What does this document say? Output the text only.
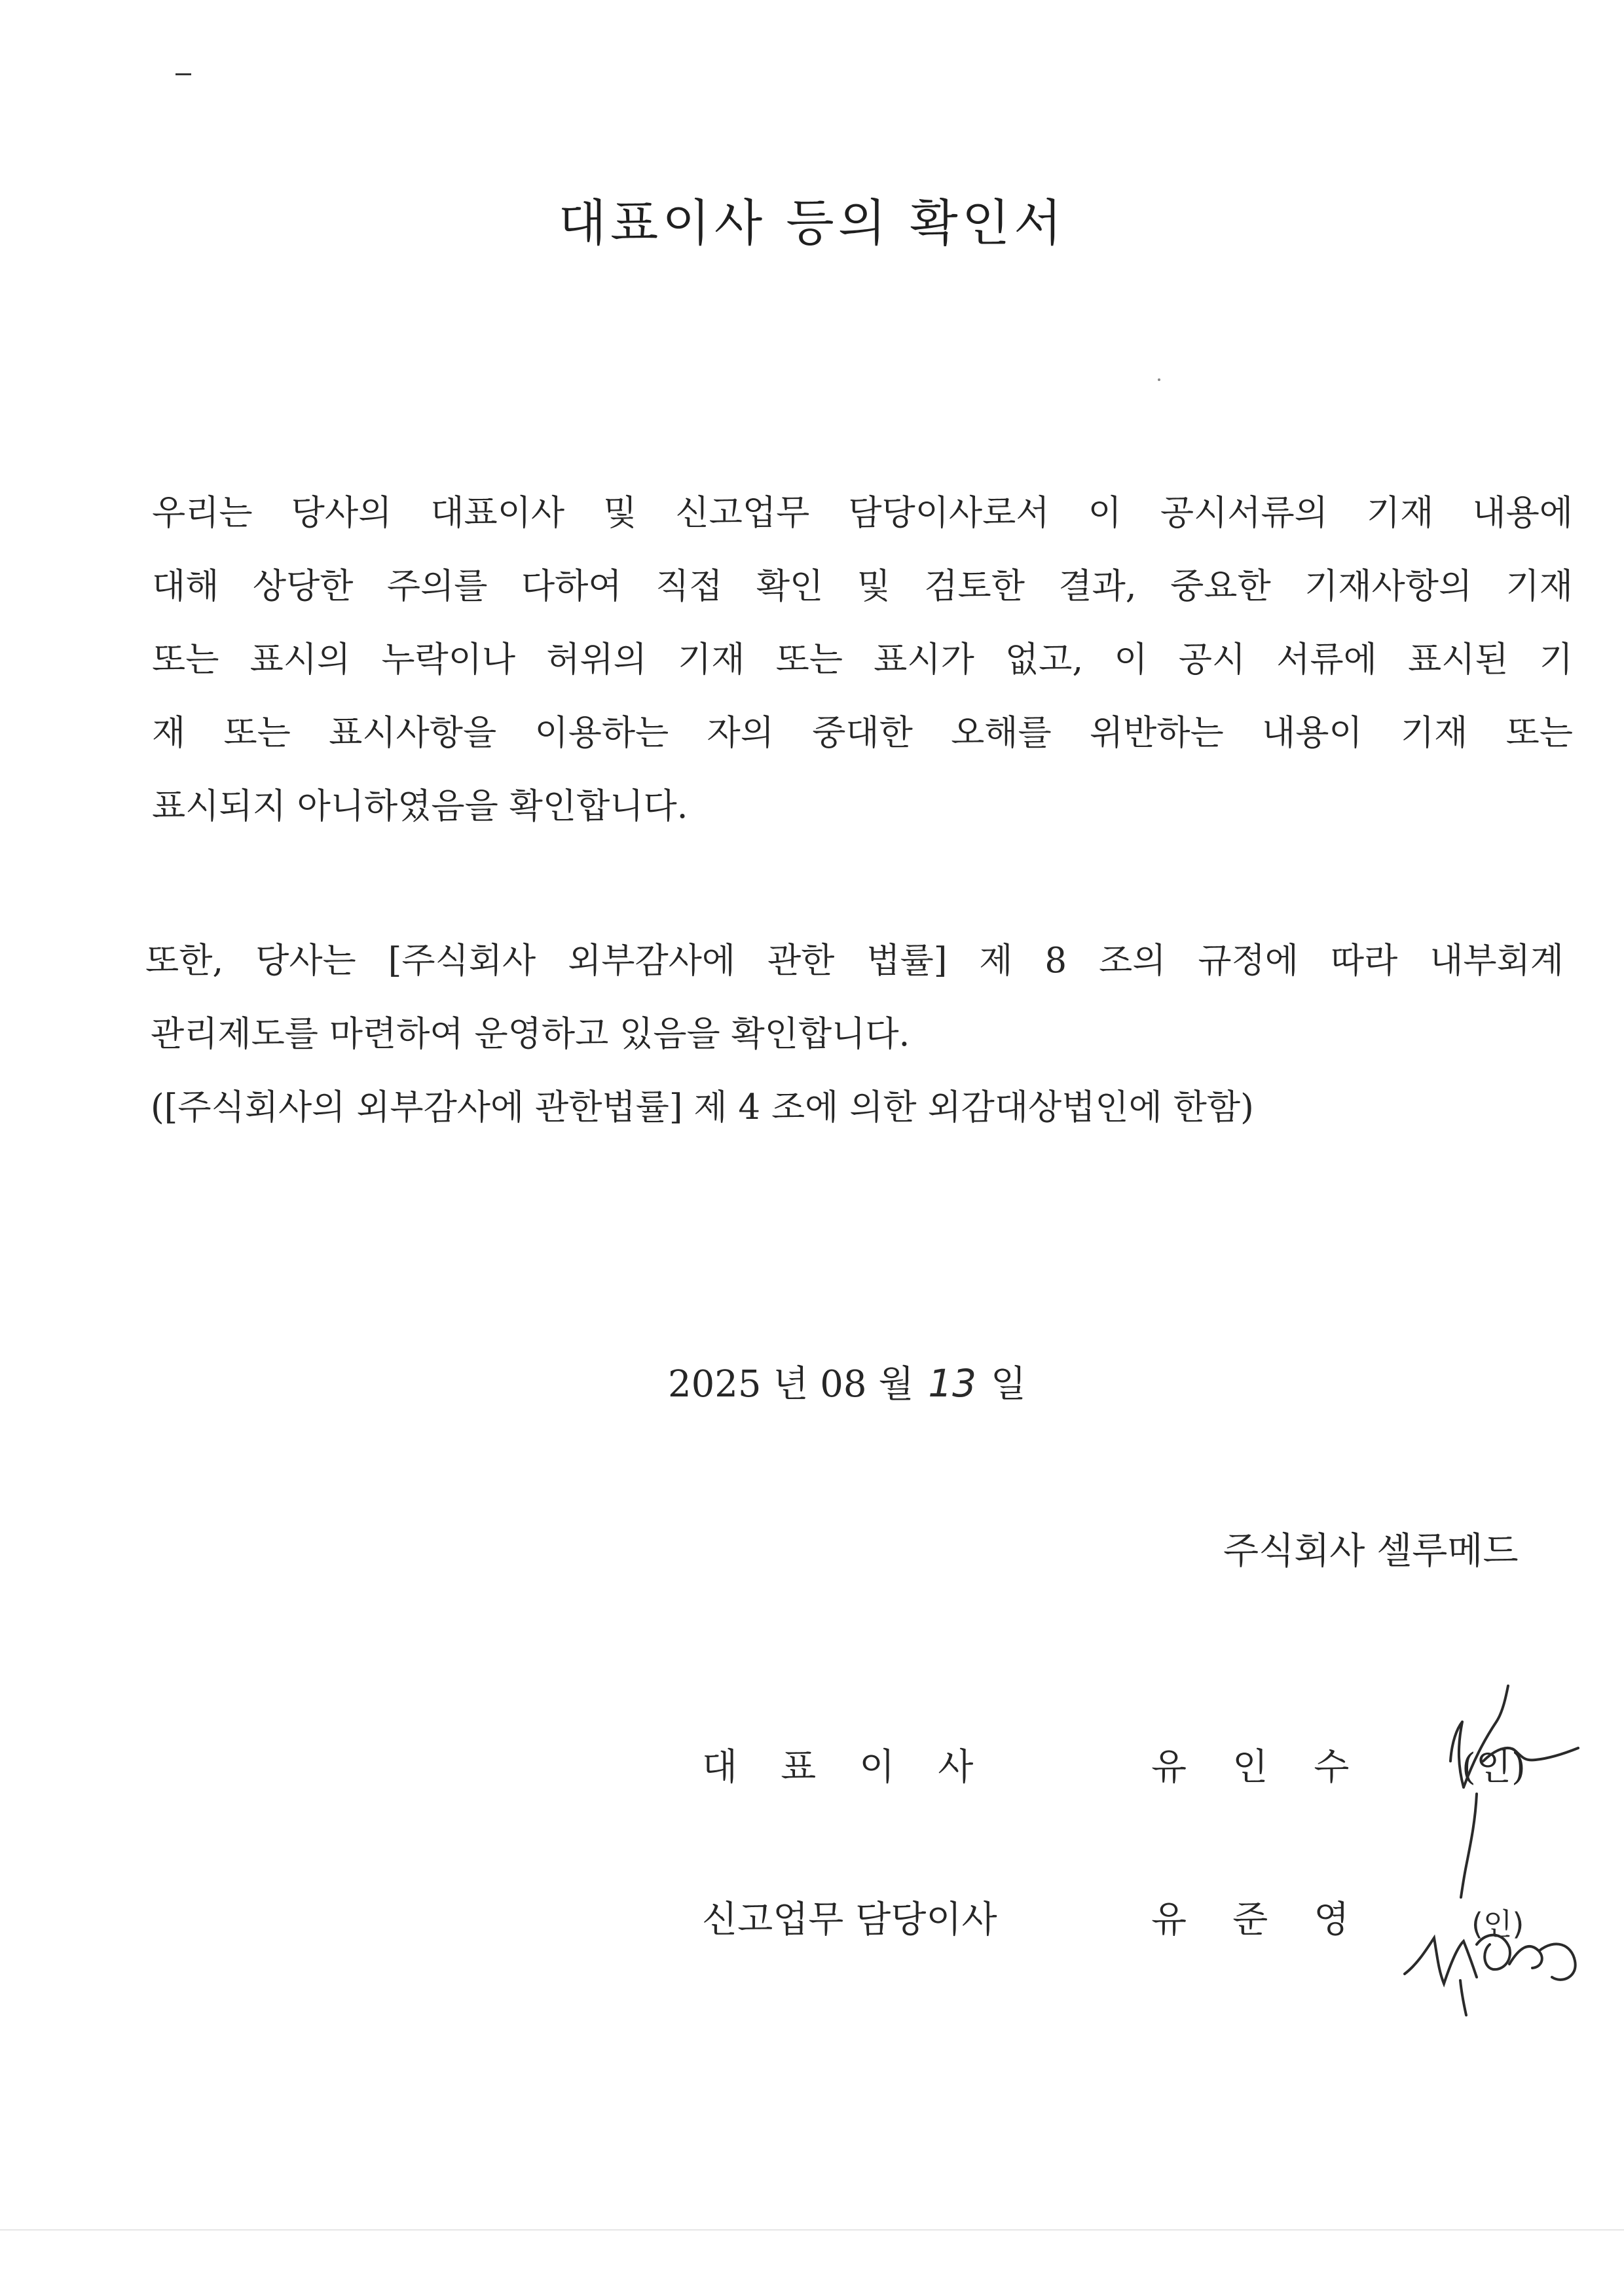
대표이사 등의 확인서

우리는 당사의 대표이사 및 신고업무 담당이사로서 이 공시서류의 기재 내용에
대해 상당한 주의를 다하여 직접 확인 및 검토한 결과, 중요한 기재사항의 기재
또는 표시의 누락이나 허위의 기재 또는 표시가 없고, 이 공시 서류에 표시된 기
재 또는 표시사항을 이용하는 자의 중대한 오해를 위반하는 내용이 기재 또는
표시되지 아니하였음을 확인합니다.

또한, 당사는 [주식회사 외부감사에 관한 법률] 제 8 조의 규정에 따라 내부회계
관리제도를 마련하여 운영하고 있음을 확인합니다.
([주식회사의 외부감사에 관한법률] 제 4 조에 의한 외감대상법인에 한함)

2025 년 08 월 13 일
주식회사 셀루메드
대표이사	유인수 (인)
신고업무 담당이사	유준영	(인)
